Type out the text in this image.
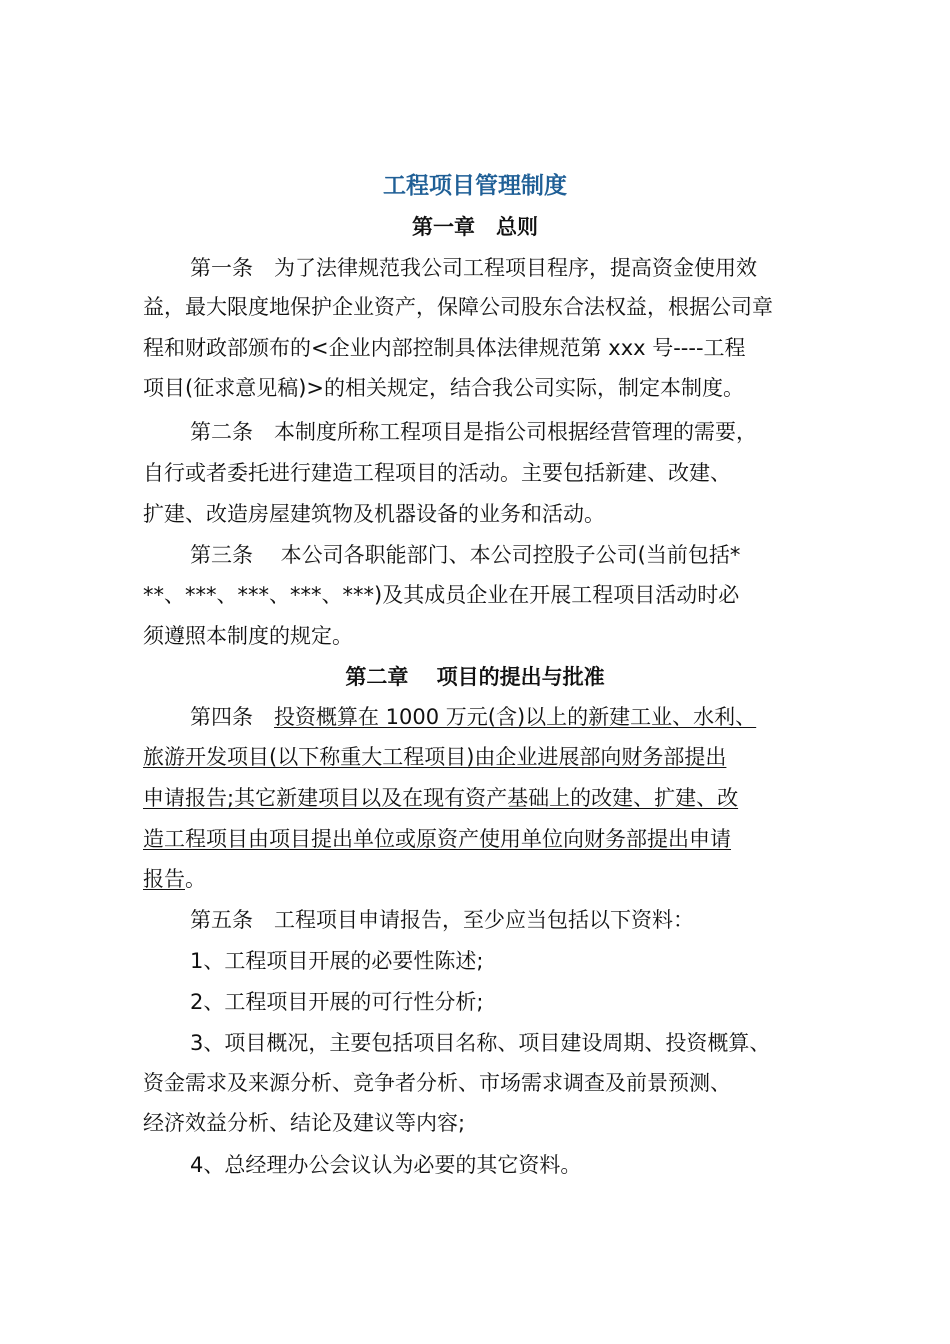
工程项目管理制度
第一章　总则
第一条　为了法律规范我公司工程项目程序，提高资金使用效
益，最大限度地保护企业资产，保障公司股东合法权益，根据公司章
程和财政部颁布的<企业内部控制具体法律规范第 xxx 号----工程
项目(征求意见稿)>的相关规定，结合我公司实际，制定本制度。
第二条　本制度所称工程项目是指公司根据经营管理的需要，
自行或者委托进行建造工程项目的活动。主要包括新建、改建、
扩建、改造房屋建筑物及机器设备的业务和活动。
第三条　 本公司各职能部门、本公司控股子公司(当前包括*
**、***、***、***、***)及其成员企业在开展工程项目活动时必
须遵照本制度的规定。
第二章　 项目的提出与批准
第四条　投资概算在 1000 万元(含)以上的新建工业、水利、
旅游开发项目(以下称重大工程项目)由企业进展部向财务部提出
申请报告;其它新建项目以及在现有资产基础上的改建、扩建、改
造工程项目由项目提出单位或原资产使用单位向财务部提出申请
报告。
第五条　工程项目申请报告，至少应当包括以下资料：
1、工程项目开展的必要性陈述;
2、工程项目开展的可行性分析;
3、项目概况，主要包括项目名称、项目建设周期、投资概算、
资金需求及来源分析、竞争者分析、市场需求调查及前景预测、
经济效益分析、结论及建议等内容;
4、总经理办公会议认为必要的其它资料。
